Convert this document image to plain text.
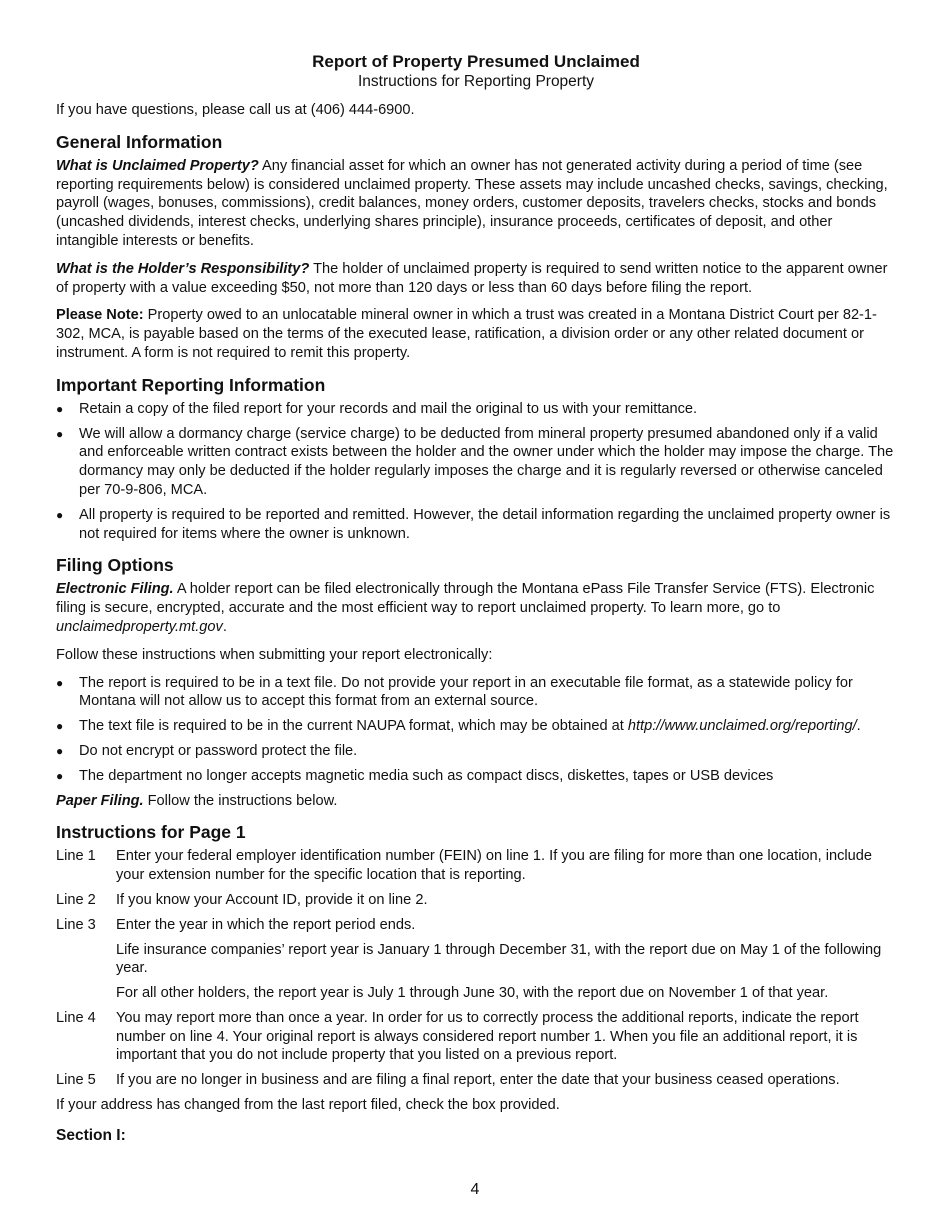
Report of Property Presumed Unclaimed
Instructions for Reporting Property

If you have questions, please call us at (406) 444-6900.

General Information

What is Unclaimed Property? Any financial asset for which an owner has not generated activity during a period of time (see reporting requirements below) is considered unclaimed property. These assets may include uncashed checks, savings, checking, payroll (wages, bonuses, commissions), credit balances, money orders, customer deposits, travelers checks, stocks and bonds (uncashed dividends, interest checks, underlying shares principle), insurance proceeds, certificates of deposit, and other intangible interests or benefits.

What is the Holder’s Responsibility? The holder of unclaimed property is required to send written notice to the apparent owner of property with a value exceeding $50, not more than 120 days or less than 60 days before filing the report.

Please Note: Property owed to an unlocatable mineral owner in which a trust was created in a Montana District Court per 82-1-302, MCA, is payable based on the terms of the executed lease, ratification, a division order or any other related document or instrument. A form is not required to remit this property.

Important Reporting Information
● Retain a copy of the filed report for your records and mail the original to us with your remittance.
● We will allow a dormancy charge (service charge) to be deducted from mineral property presumed abandoned only if a valid and enforceable written contract exists between the holder and the owner under which the holder may impose the charge. The dormancy may only be deducted if the holder regularly imposes the charge and it is regularly reversed or otherwise canceled per 70-9-806, MCA.
● All property is required to be reported and remitted. However, the detail information regarding the unclaimed property owner is not required for items where the owner is unknown.
Filing Options

Electronic Filing. A holder report can be filed electronically through the Montana ePass File Transfer Service (FTS). Electronic filing is secure, encrypted, accurate and the most efficient way to report unclaimed property. To learn more, go to unclaimedproperty.mt.gov.

Follow these instructions when submitting your report electronically:

● The report is required to be in a text file. Do not provide your report in an executable file format, as a statewide policy for Montana will not allow us to accept this format from an external source.
● The text file is required to be in the current NAUPA format, which may be obtained at http://www.unclaimed.org/reporting/.
● Do not encrypt or password protect the file.
● The department no longer accepts magnetic media such as compact discs, diskettes, tapes or USB devices

Paper Filing. Follow the instructions below.

Instructions for Page 1
Line 1	Enter your federal employer identification number (FEIN) on line 1. If you are filing for more than one location, include your extension number for the specific location that is reporting.
Line 2	If you know your Account ID, provide it on line 2.
Line 3	Enter the year in which the report period ends.
Life insurance companies’ report year is January 1 through December 31, with the report due on May 1 of the following year.
For all other holders, the report year is July 1 through June 30, with the report due on November 1 of that year.
Line 4	You may report more than once a year. In order for us to correctly process the additional reports, indicate the report number on line 4. Your original report is always considered report number 1. When you file an additional report, it is important that you do not include property that you listed on a previous report.
Line 5	If you are no longer in business and are filing a final report, enter the date that your business ceased operations.
If your address has changed from the last report filed, check the box provided.
Section I:
4
